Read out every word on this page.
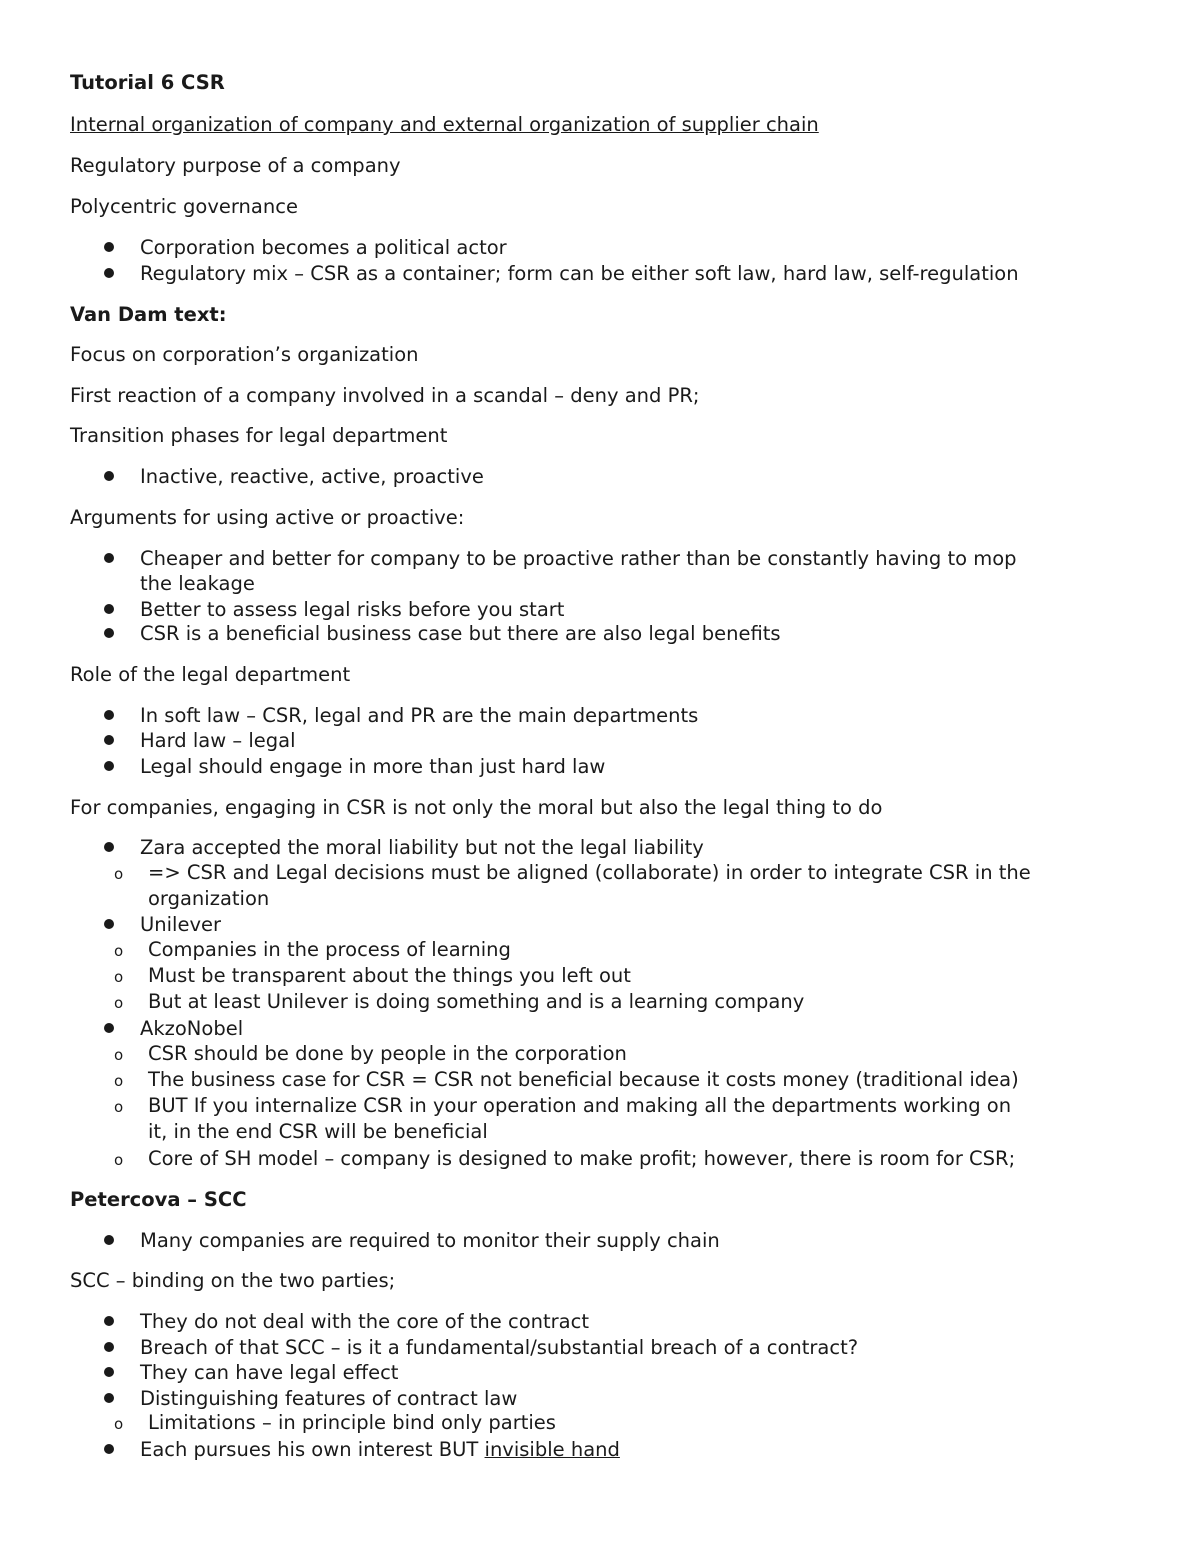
Tutorial 6 CSR
Internal organization of company and external organization of supplier chain
Regulatory purpose of a company
Polycentric governance
Corporation becomes a political actor
Regulatory mix – CSR as a container; form can be either soft law, hard law, self-regulation
Van Dam text:
Focus on corporation’s organization
First reaction of a company involved in a scandal – deny and PR;
Transition phases for legal department
Inactive, reactive, active, proactive
Arguments for using active or proactive:
Cheaper and better for company to be proactive rather than be constantly having to mop
the leakage
Better to assess legal risks before you start
CSR is a beneficial business case but there are also legal benefits
Role of the legal department
In soft law – CSR, legal and PR are the main departments
Hard law – legal
Legal should engage in more than just hard law
For companies, engaging in CSR is not only the moral but also the legal thing to do
Zara accepted the moral liability but not the legal liability
o => CSR and Legal decisions must be aligned (collaborate) in order to integrate CSR in the
organization
Unilever
o Companies in the process of learning
o Must be transparent about the things you left out
o But at least Unilever is doing something and is a learning company
AkzoNobel
o CSR should be done by people in the corporation
o The business case for CSR = CSR not beneficial because it costs money (traditional idea)
o BUT If you internalize CSR in your operation and making all the departments working on
it, in the end CSR will be beneficial
o Core of SH model – company is designed to make profit; however, there is room for CSR;
Petercova – SCC
Many companies are required to monitor their supply chain
SCC – binding on the two parties;
They do not deal with the core of the contract
Breach of that SCC – is it a fundamental/substantial breach of a contract?
They can have legal effect
Distinguishing features of contract law
o Limitations – in principle bind only parties
Each pursues his own interest BUT invisible hand
